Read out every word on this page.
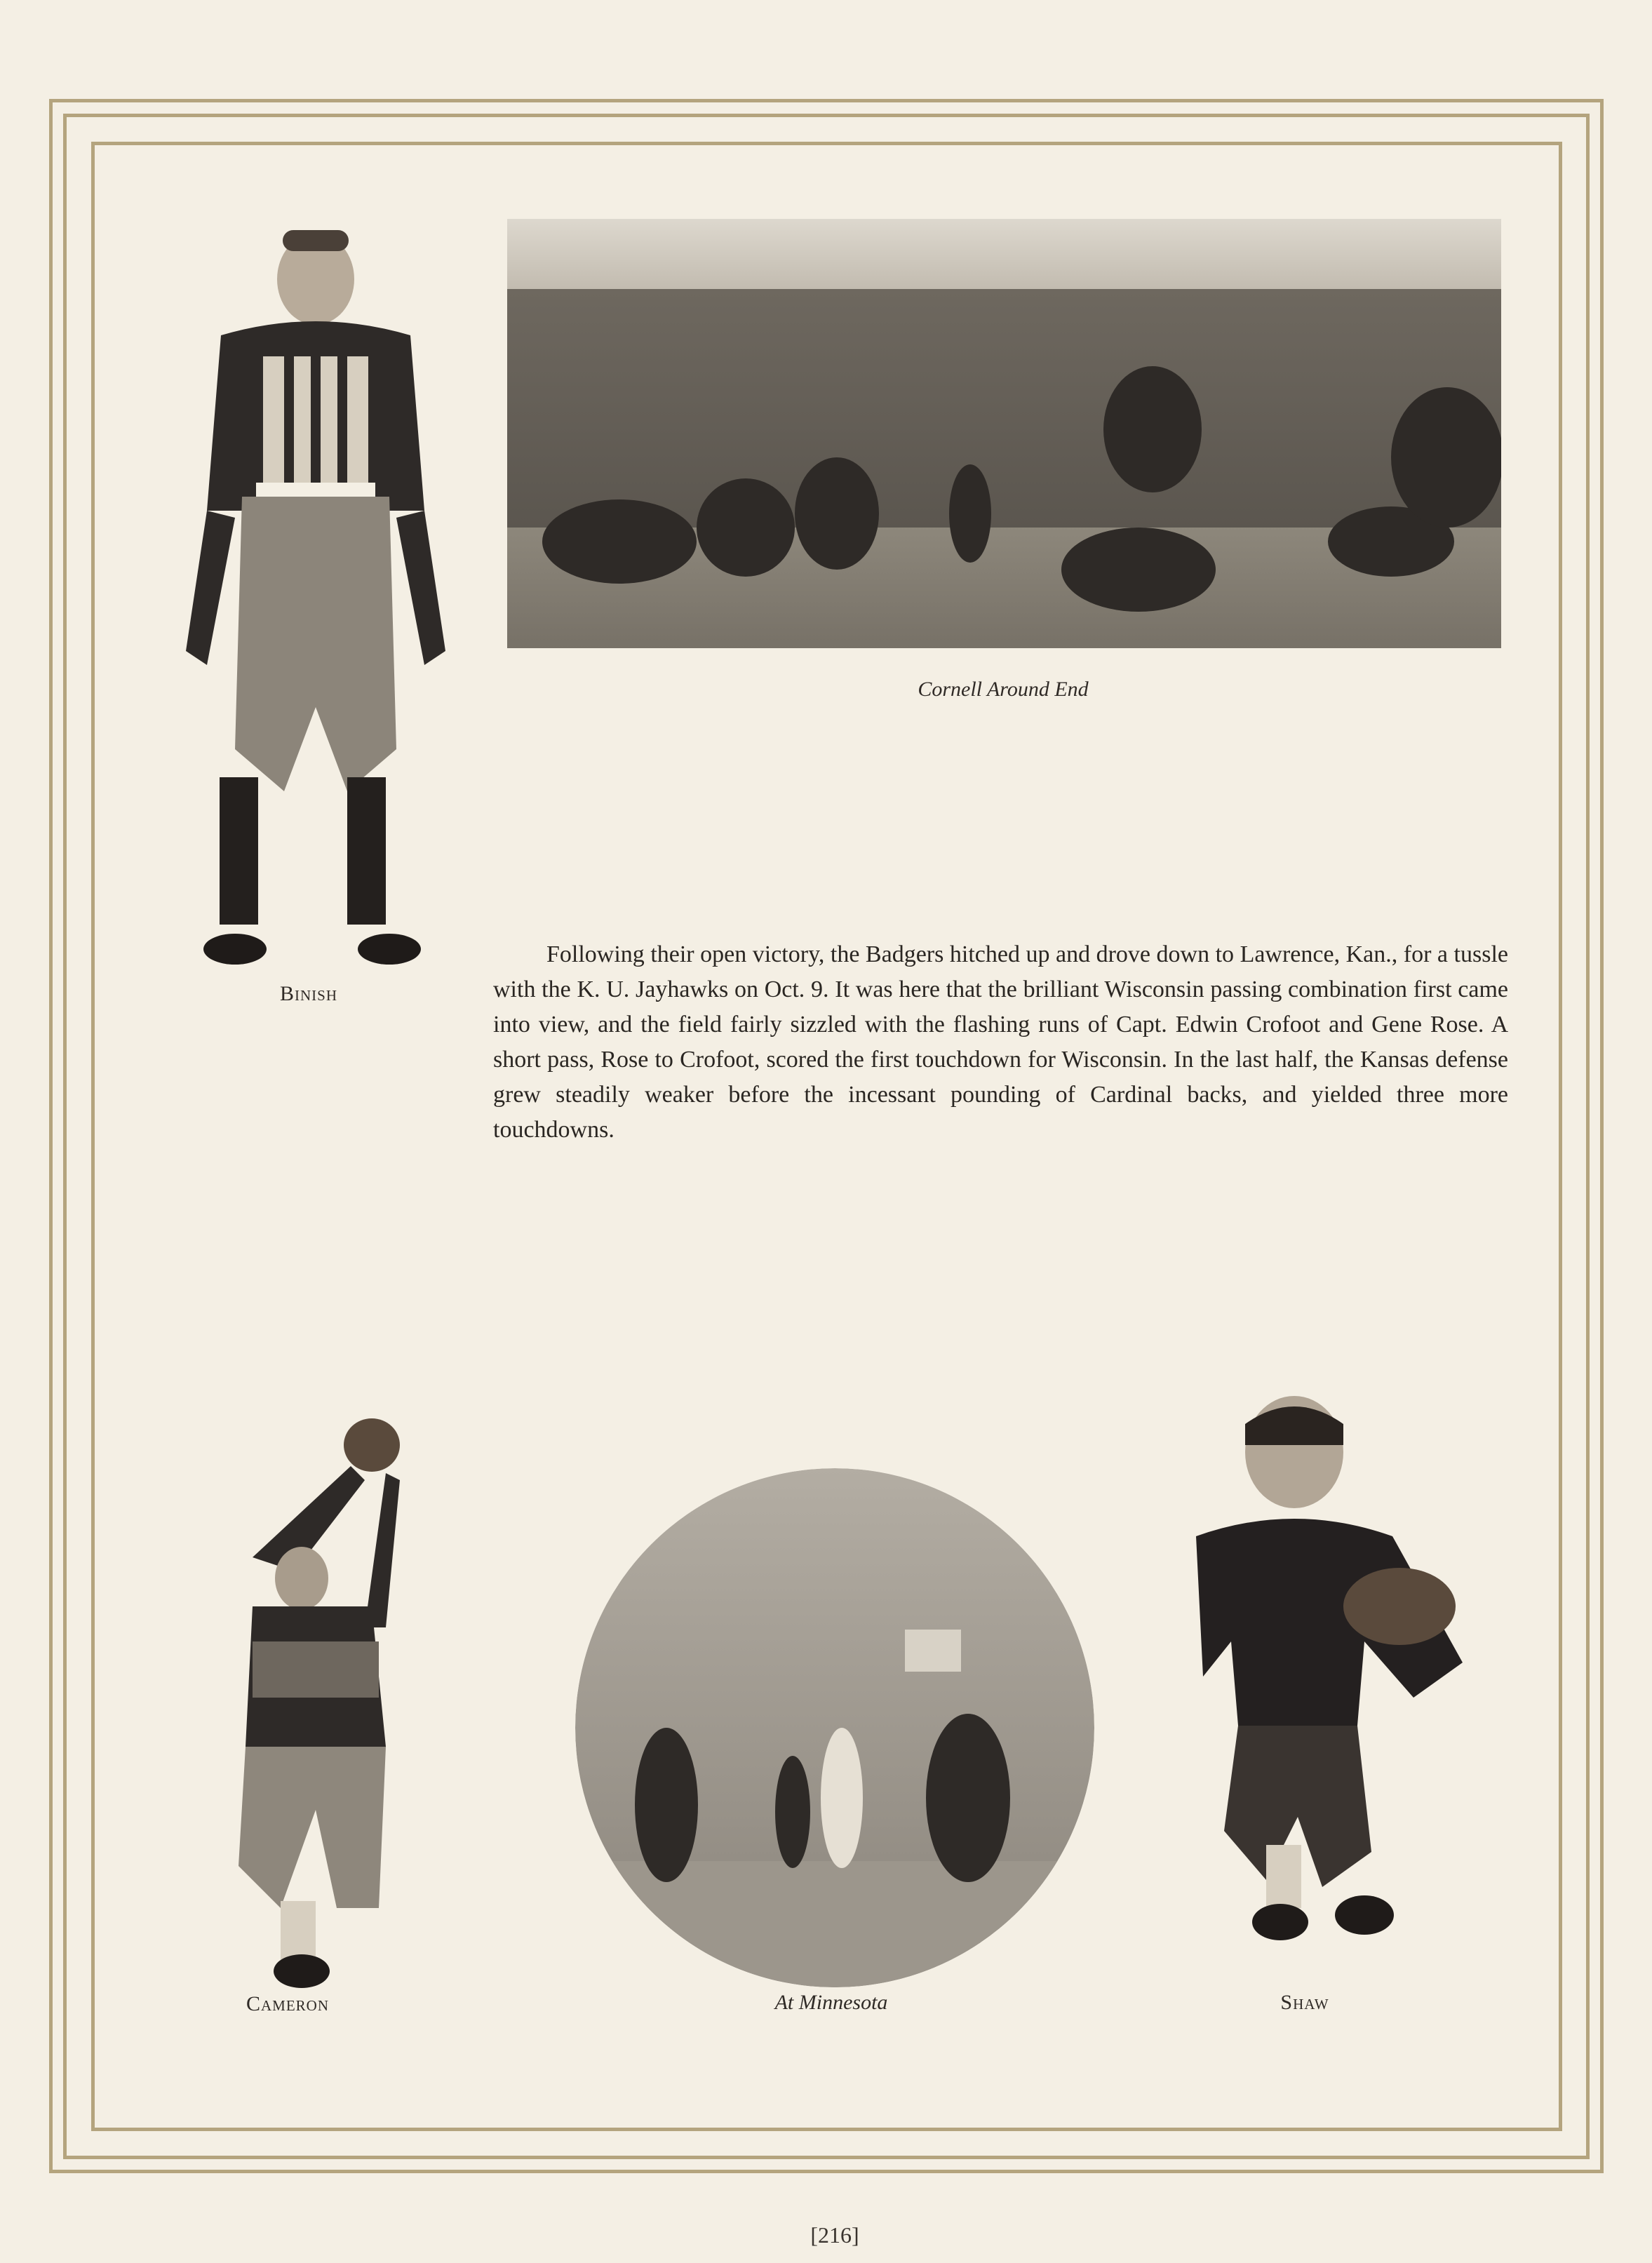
Binish
Cornell Around End

Following their open victory, the Badgers hitched up and drove down to Lawrence, Kan., for a tussle with the K. U. Jayhawks on Oct. 9. It was here that the brilliant Wisconsin passing combination first came into view, and the field fairly sizzled with the flashing runs of Capt. Edwin Crofoot and Gene Rose. A short pass, Rose to Crofoot, scored the first touchdown for Wisconsin. In the last half, the Kansas defense grew steadily weaker before the incessant pounding of Cardinal backs, and yielded three more touchdowns.

Cameron	At Minnesota	Shaw
[216]
